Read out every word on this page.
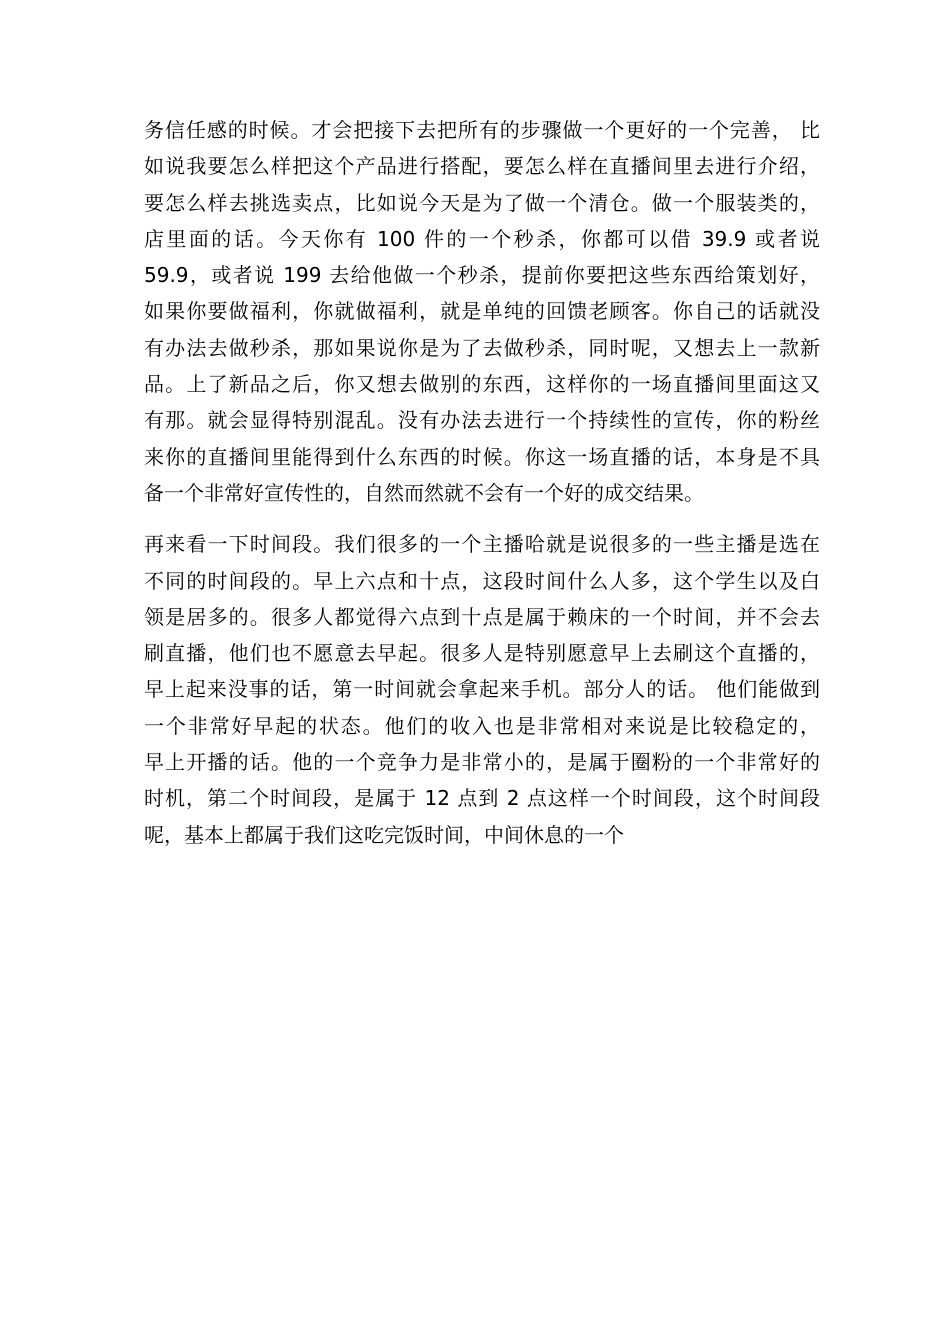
务信任感的时候。才会把接下去把所有的步骤做一个更好的一个完善， 比
如说我要怎么样把这个产品进行搭配，要怎么样在直播间里去进行介绍，
要怎么样去挑选卖点，比如说今天是为了做一个清仓。做一个服装类的，
店里面的话。今天你有 100 件的一个秒杀，你都可以借 39.9 或者说
59.9，或者说 199 去给他做一个秒杀，提前你要把这些东西给策划好，
如果你要做福利，你就做福利，就是单纯的回馈老顾客。你自己的话就没
有办法去做秒杀，那如果说你是为了去做秒杀，同时呢，又想去上一款新
品。上了新品之后，你又想去做别的东西，这样你的一场直播间里面这又
有那。就会显得特别混乱。没有办法去进行一个持续性的宣传，你的粉丝
来你的直播间里能得到什么东西的时候。你这一场直播的话，本身是不具
备一个非常好宣传性的，自然而然就不会有一个好的成交结果。
再来看一下时间段。我们很多的一个主播哈就是说很多的一些主播是选在
不同的时间段的。早上六点和十点，这段时间什么人多，这个学生以及白
领是居多的。很多人都觉得六点到十点是属于赖床的一个时间，并不会去
刷直播，他们也不愿意去早起。很多人是特别愿意早上去刷这个直播的，
早上起来没事的话，第一时间就会拿起来手机。部分人的话。 他们能做到
一个非常好早起的状态。他们的收入也是非常相对来说是比较稳定的，
早上开播的话。他的一个竞争力是非常小的，是属于圈粉的一个非常好的
时机，第二个时间段，是属于 12 点到 2 点这样一个时间段，这个时间段
呢，基本上都属于我们这吃完饭时间，中间休息的一个
